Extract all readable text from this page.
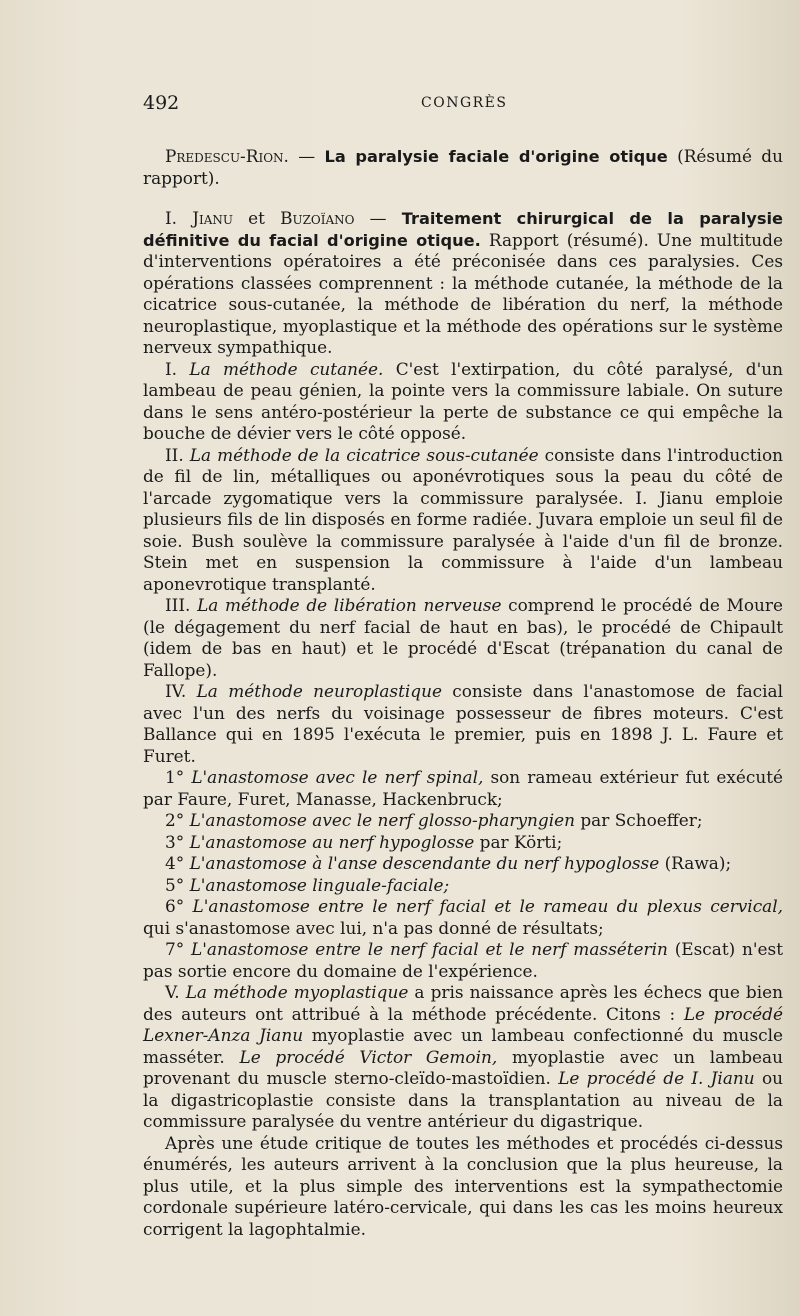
492	CONGRÈS

Predescu-Rion. — La paralysie faciale d'origine otique (Résumé du rapport).

I. Jianu et Buzoïano — Traitement chirurgical de la paralysie définitive du facial d'origine otique. Rapport (résumé). Une multitude d'interventions opératoires a été préconisée dans ces paralysies. Ces opérations classées comprennent : la méthode cutanée, la méthode de la cicatrice sous-cutanée, la méthode de libération du nerf, la méthode neuroplastique, myoplastique et la méthode des opérations sur le système nerveux sympathique.

I. La méthode cutanée. C'est l'extirpation, du côté paralysé, d'un lambeau de peau génien, la pointe vers la commissure labiale. On suture dans le sens antéro-postérieur la perte de substance ce qui empêche la bouche de dévier vers le côté opposé.

II. La méthode de la cicatrice sous-cutanée consiste dans l'introduction de fil de lin, métalliques ou aponévrotiques sous la peau du côté de l'arcade zygomatique vers la commissure paralysée. I. Jianu emploie plusieurs fils de lin disposés en forme radiée. Juvara emploie un seul fil de soie. Bush soulève la commissure paralysée à l'aide d'un fil de bronze. Stein met en suspension la commissure à l'aide d'un lambeau aponevrotique transplanté.

III. La méthode de libération nerveuse comprend le procédé de Moure (le dégagement du nerf facial de haut en bas), le procédé de Chipault (idem de bas en haut) et le procédé d'Escat (trépanation du canal de Fallope).

IV. La méthode neuroplastique consiste dans l'anastomose de facial avec l'un des nerfs du voisinage possesseur de fibres moteurs. C'est Ballance qui en 1895 l'exécuta le premier, puis en 1898 J. L. Faure et Furet.

1° L'anastomose avec le nerf spinal, son rameau extérieur fut exécuté par Faure, Furet, Manasse, Hackenbruck;

2° L'anastomose avec le nerf glosso-pharyngien par Schoeffer;

3° L'anastomose au nerf hypoglosse par Körti;

4° L'anastomose à l'anse descendante du nerf hypoglosse (Rawa);

5° L'anastomose linguale-faciale;

6° L'anastomose entre le nerf facial et le rameau du plexus cervical, qui s'anastomose avec lui, n'a pas donné de résultats;

7° L'anastomose entre le nerf facial et le nerf masséterin (Escat) n'est pas sortie encore du domaine de l'expérience.

V. La méthode myoplastique a pris naissance après les échecs que bien des auteurs ont attribué à la méthode précédente. Citons : Le procédé Lexner-Anza Jianu myoplastie avec un lambeau confectionné du muscle masséter. Le procédé Victor Gemoin, myoplastie avec un lambeau provenant du muscle sterno-cleïdo-mastoïdien. Le procédé de I. Jianu ou la digastricoplastie consiste dans la transplantation au niveau de la commissure paralysée du ventre antérieur du digastrique.

Après une étude critique de toutes les méthodes et procédés ci-dessus énumérés, les auteurs arrivent à la conclusion que la plus heureuse, la plus utile, et la plus simple des interventions est la sympathectomie cordonale supérieure latéro-cervicale, qui dans les cas les moins heureux corrigent la lagophtalmie.
